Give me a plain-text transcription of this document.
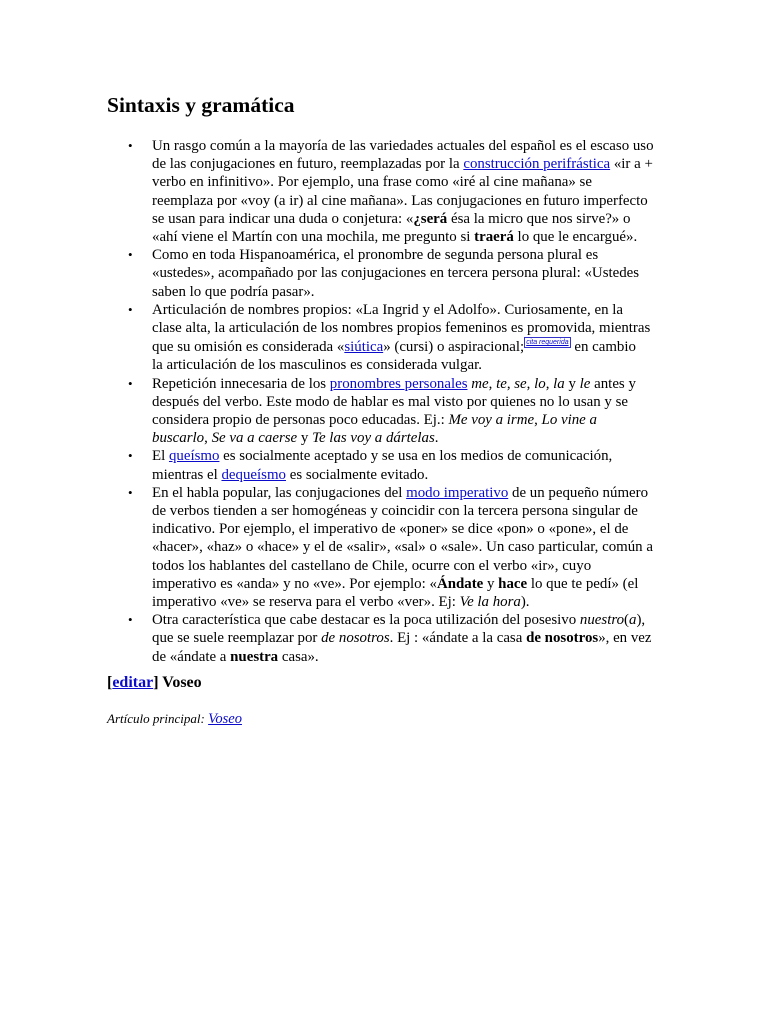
Sintaxis y gramática
• Un rasgo común a la mayoría de las variedades actuales del español es el escaso uso
de las conjugaciones en futuro, reemplazadas por la construcción perifrástica «ir a +
verbo en infinitivo». Por ejemplo, una frase como «iré al cine mañana» se
reemplaza por «voy (a ir) al cine mañana». Las conjugaciones en futuro imperfecto
se usan para indicar una duda o conjetura: «¿será ésa la micro que nos sirve?» o
«ahí viene el Martín con una mochila, me pregunto si traerá lo que le encargué».
• Como en toda Hispanoamérica, el pronombre de segunda persona plural es
«ustedes», acompañado por las conjugaciones en tercera persona plural: «Ustedes
saben lo que podría pasar».
• Articulación de nombres propios: «La Ingrid y el Adolfo». Curiosamente, en la
clase alta, la articulación de los nombres propios femeninos es promovida, mientras
que su omisión es considerada «siútica» (cursi) o aspiracional; cita requerida en cambio
la articulación de los masculinos es considerada vulgar.
• Repetición innecesaria de los pronombres personales me, te, se, lo, la y le antes y
después del verbo. Este modo de hablar es mal visto por quienes no lo usan y se
considera propio de personas poco educadas. Ej.: Me voy a irme, Lo vine a
buscarlo, Se va a caerse y Te las voy a dártelas.
• El queísmo es socialmente aceptado y se usa en los medios de comunicación,
mientras el dequeísmo es socialmente evitado.
• En el habla popular, las conjugaciones del modo imperativo de un pequeño número
de verbos tienden a ser homogéneas y coincidir con la tercera persona singular de
indicativo. Por ejemplo, el imperativo de «poner» se dice «pon» o «pone», el de
«hacer», «haz» o «hace» y el de «salir», «sal» o «sale». Un caso particular, común a
todos los hablantes del castellano de Chile, ocurre con el verbo «ir», cuyo
imperativo es «anda» y no «ve». Por ejemplo: «Ándate y hace lo que te pedí» (el
imperativo «ve» se reserva para el verbo «ver». Ej: Ve la hora).
• Otra característica que cabe destacar es la poca utilización del posesivo nuestro(a),
que se suele reemplazar por de nosotros. Ej : «ándate a la casa de nosotros», en vez
de «ándate a nuestra casa».
[editar] Voseo
Artículo principal: Voseo
